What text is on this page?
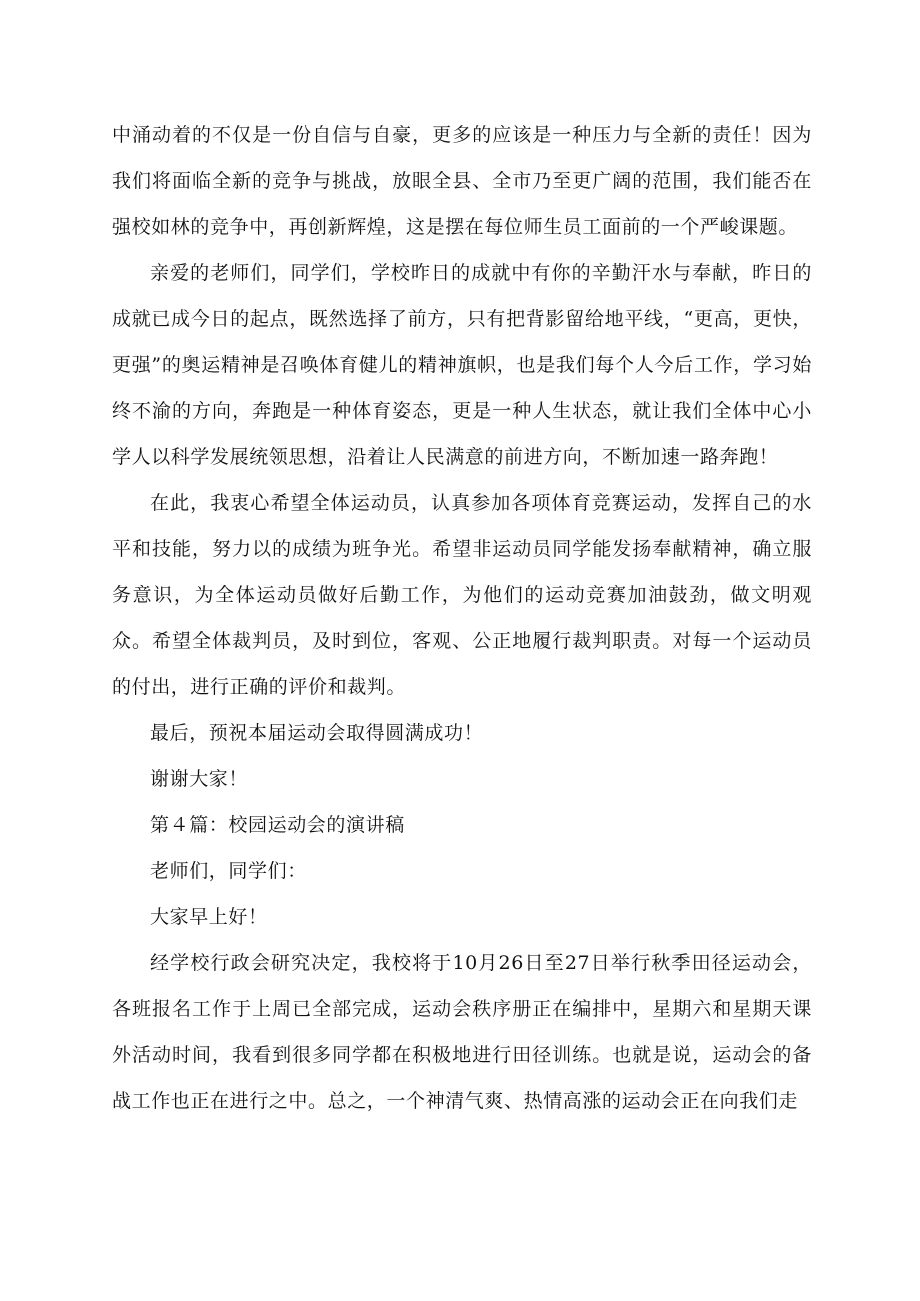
中涌动着的不仅是一份自信与自豪，更多的应该是一种压力与全新的责任！因为我们将面临全新的竞争与挑战，放眼全县、全市乃至更广阔的范围，我们能否在强校如林的竞争中，再创新辉煌，这是摆在每位师生员工面前的一个严峻课题。

亲爱的老师们，同学们，学校昨日的成就中有你的辛勤汗水与奉献，昨日的成就已成今日的起点，既然选择了前方，只有把背影留给地平线，“更高，更快，更强”的奥运精神是召唤体育健儿的精神旗帜，也是我们每个人今后工作，学习始终不渝的方向，奔跑是一种体育姿态，更是一种人生状态，就让我们全体中心小学人以科学发展统领思想，沿着让人民满意的前进方向，不断加速一路奔跑！

在此，我衷心希望全体运动员，认真参加各项体育竞赛运动，发挥自己的水平和技能，努力以的成绩为班争光。希望非运动员同学能发扬奉献精神，确立服务意识，为全体运动员做好后勤工作，为他们的运动竞赛加油鼓劲，做文明观众。希望全体裁判员，及时到位，客观、公正地履行裁判职责。对每一个运动员的付出，进行正确的评价和裁判。

最后，预祝本届运动会取得圆满成功！

谢谢大家！

第４篇：校园运动会的演讲稿

老师们，同学们：

大家早上好！

经学校行政会研究决定，我校将于10月26日至27日举行秋季田径运动会，各班报名工作于上周已全部完成，运动会秩序册正在编排中，星期六和星期天课外活动时间，我看到很多同学都在积极地进行田径训练。也就是说，运动会的备战工作也正在进行之中。总之，一个神清气爽、热情高涨的运动会正在向我们走
